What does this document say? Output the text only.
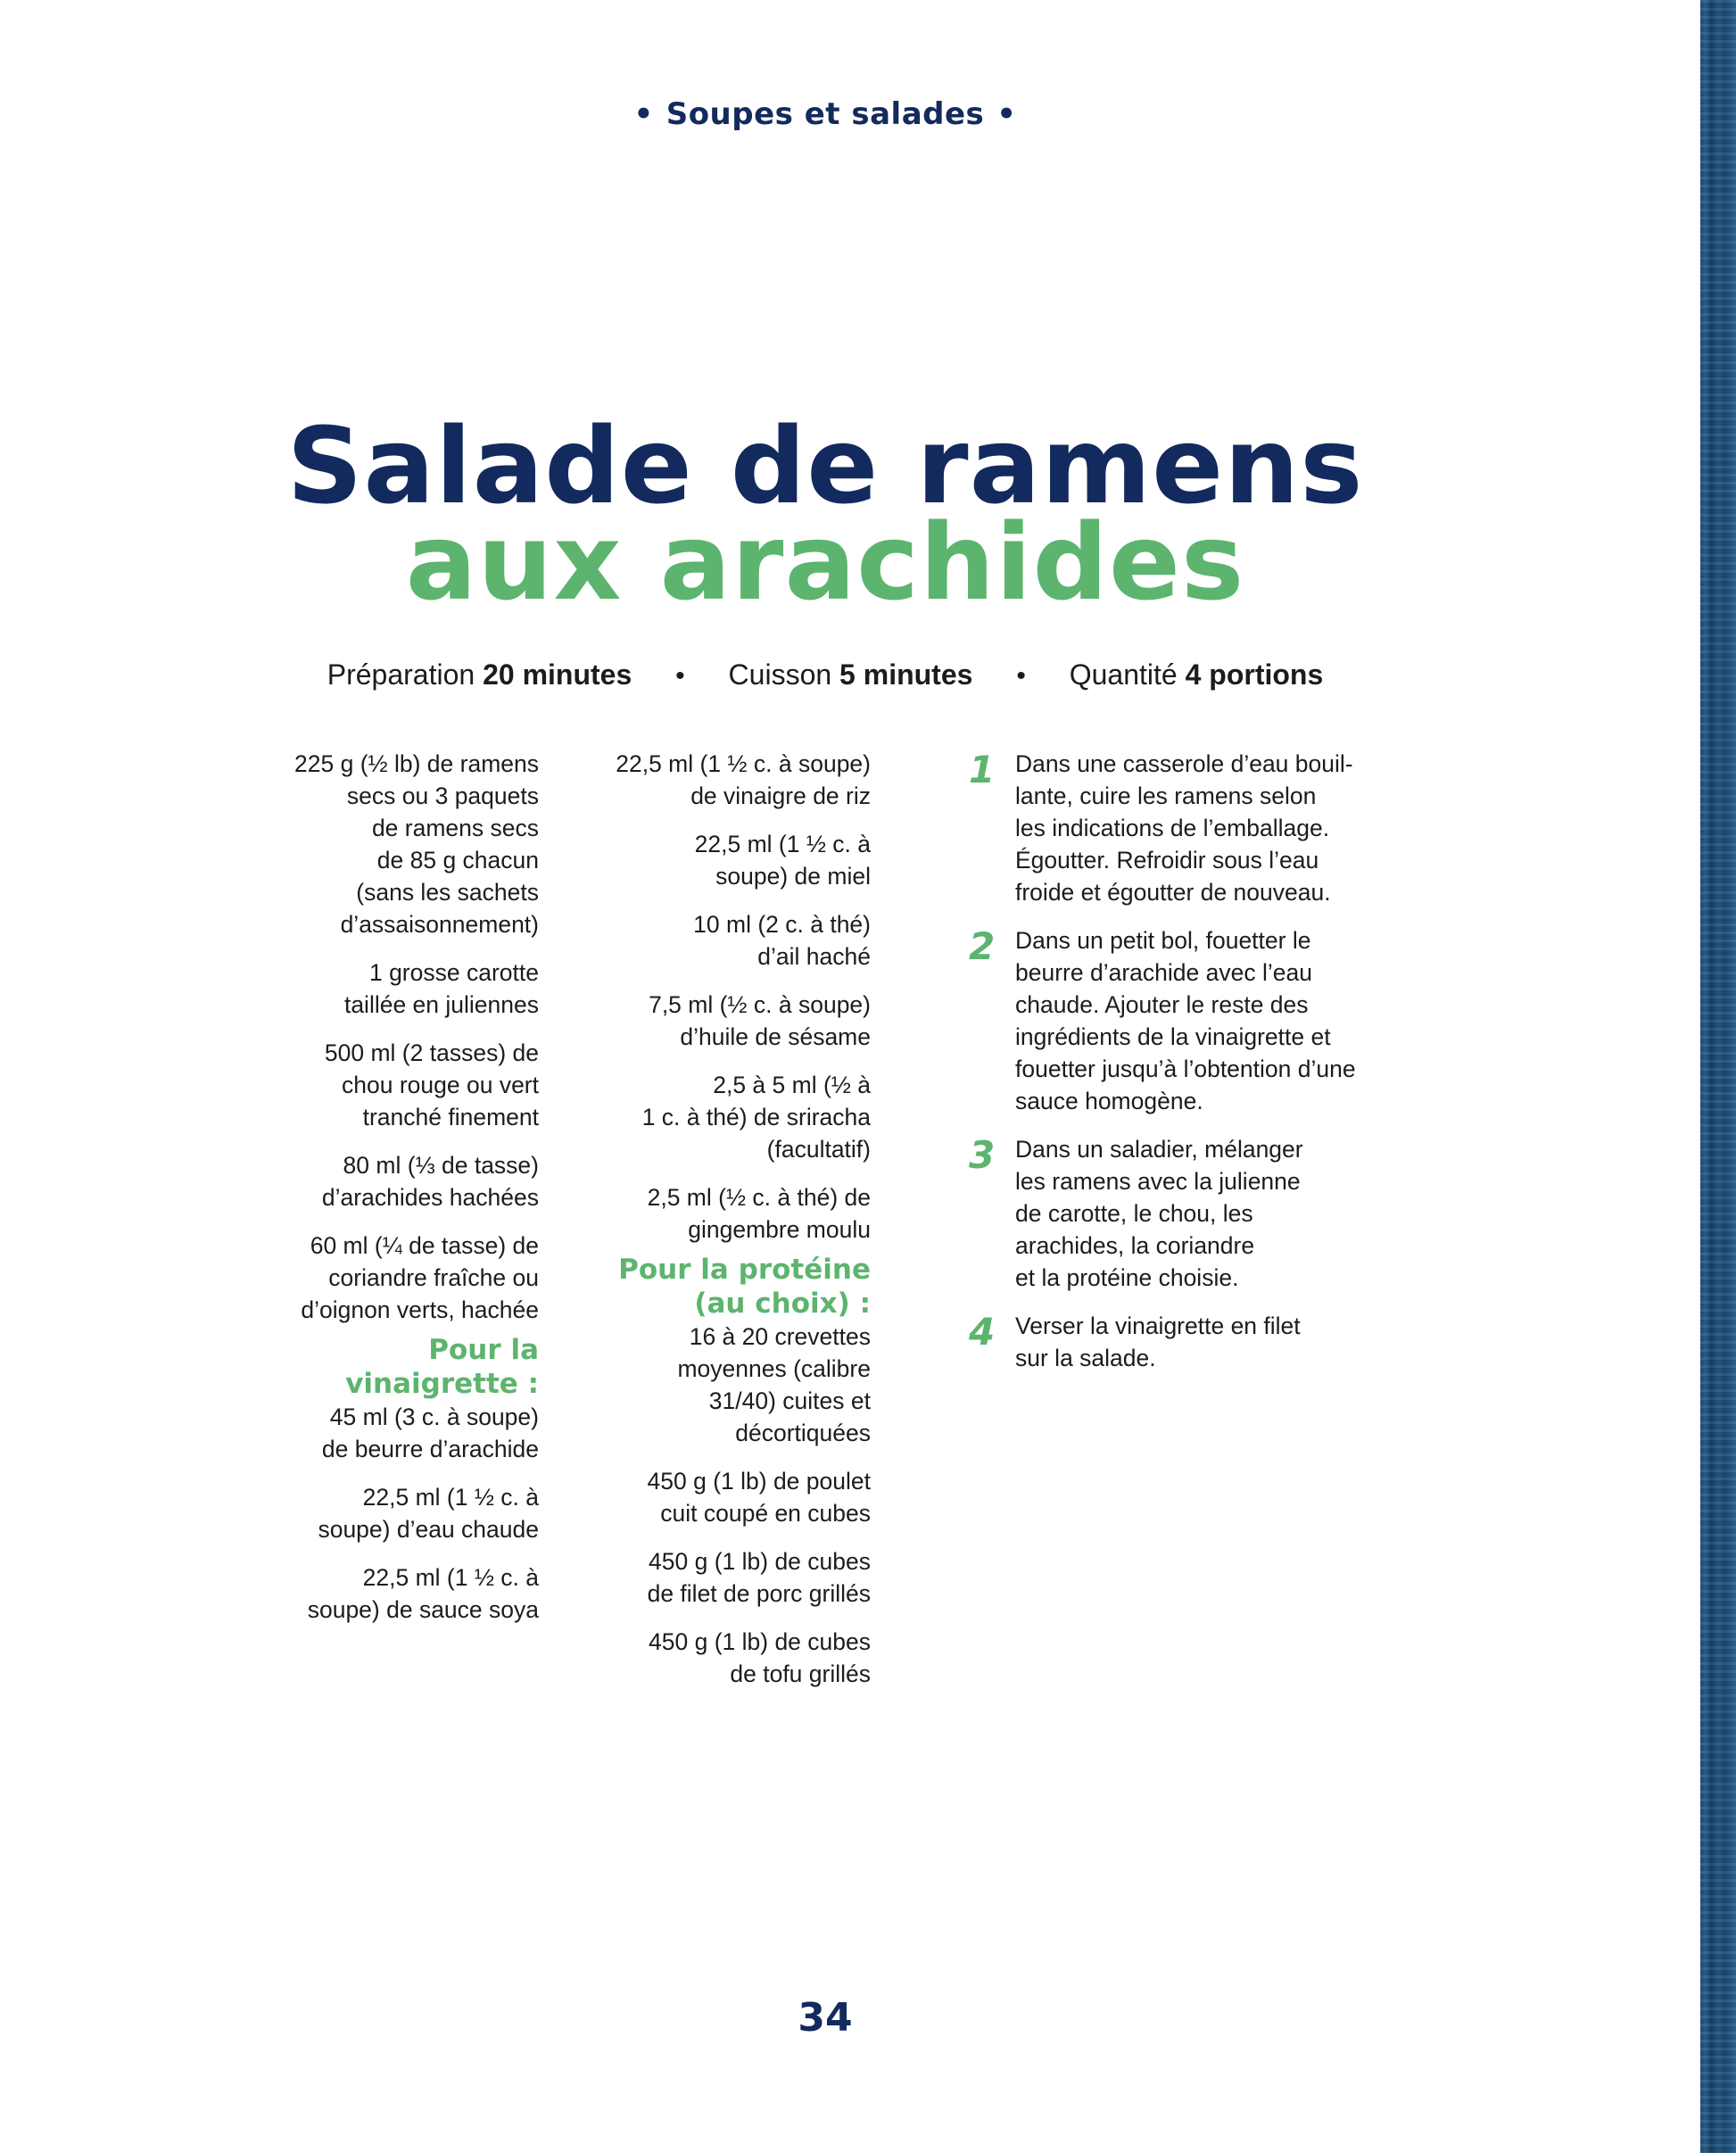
• Soupes et salades •
Salade de ramens
aux arachides
Préparation 20 minutes • Cuisson 5 minutes • Quantité 4 portions

225 g (½ lb) de ramens
secs ou 3 paquets
de ramens secs
de 85 g chacun
(sans les sachets
d’assaisonnement)

1 grosse carotte
taillée en juliennes

500 ml (2 tasses) de
chou rouge ou vert
tranché finement

80 ml (⅓ de tasse)
d’arachides hachées

60 ml (¼ de tasse) de
coriandre fraîche ou
d’oignon verts, hachée

Pour la
vinaigrette :

45 ml (3 c. à soupe)
de beurre d’arachide

22,5 ml (1 ½ c. à
soupe) d’eau chaude

22,5 ml (1 ½ c. à
soupe) de sauce soya

22,5 ml (1 ½ c. à soupe)
de vinaigre de riz

22,5 ml (1 ½ c. à
soupe) de miel

10 ml (2 c. à thé)
d’ail haché

7,5 ml (½ c. à soupe)
d’huile de sésame

2,5 à 5 ml (½ à
1 c. à thé) de sriracha
(facultatif)

2,5 ml (½ c. à thé) de
gingembre moulu

Pour la protéine
(au choix) :

16 à 20 crevettes
moyennes (calibre
31/40) cuites et
décortiquées

450 g (1 lb) de poulet
cuit coupé en cubes

450 g (1 lb) de cubes
de filet de porc grillés

450 g (1 lb) de cubes
de tofu grillés

1 Dans une casserole d’eau bouil-
lante, cuire les ramens selon
les indications de l’emballage.
Égoutter. Refroidir sous l’eau
froide et égoutter de nouveau.
2 Dans un petit bol, fouetter le
beurre d’arachide avec l’eau
chaude. Ajouter le reste des
ingrédients de la vinaigrette et
fouetter jusqu’à l’obtention d’une
sauce homogène.
3 Dans un saladier, mélanger
les ramens avec la julienne
de carotte, le chou, les
arachides, la coriandre
et la protéine choisie.
4 Verser la vinaigrette en filet
sur la salade.
34
